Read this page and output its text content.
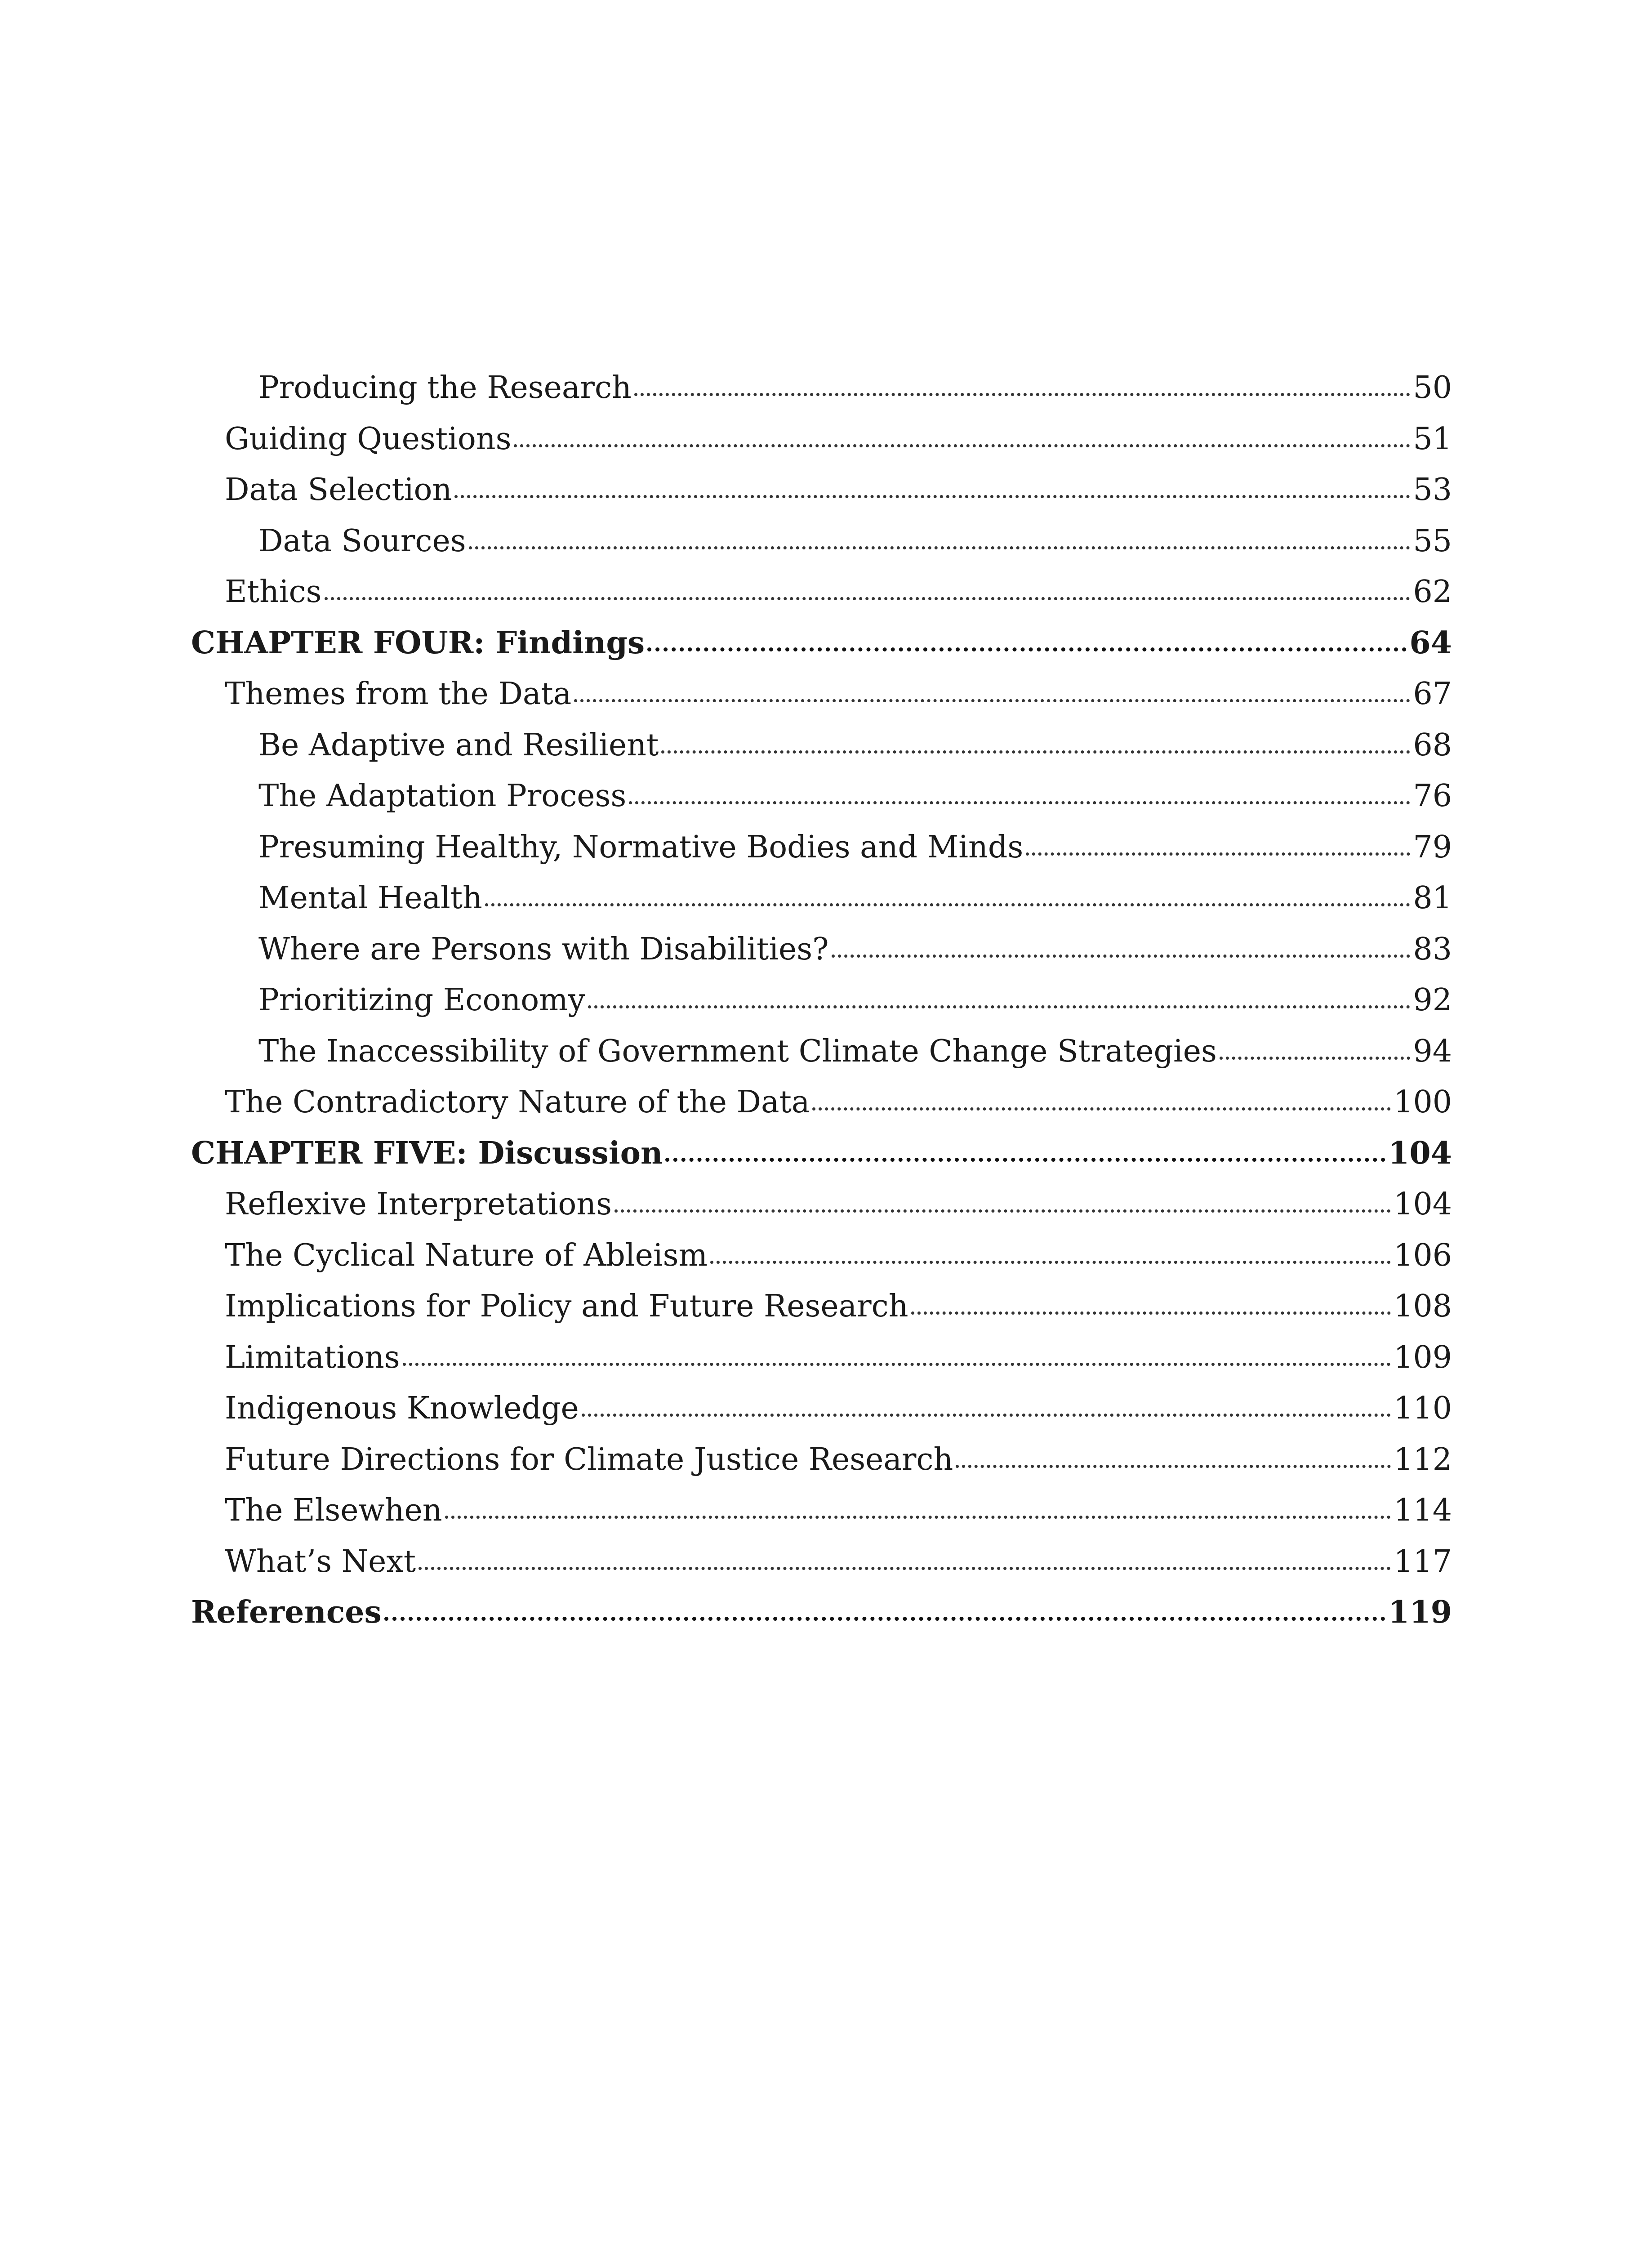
Producing the Research	50
Guiding Questions	51
Data Selection	53
Data Sources	55
Ethics	62
CHAPTER FOUR: Findings	64
Themes from the Data	67
Be Adaptive and Resilient	68
The Adaptation Process	76
Presuming Healthy, Normative Bodies and Minds	79
Mental Health	81
Where are Persons with Disabilities?	83
Prioritizing Economy	92
The Inaccessibility of Government Climate Change Strategies	94
The Contradictory Nature of the Data	100
CHAPTER FIVE: Discussion	104
Reflexive Interpretations	104
The Cyclical Nature of Ableism	106
Implications for Policy and Future Research	108
Limitations	109
Indigenous Knowledge	110
Future Directions for Climate Justice Research	112
The Elsewhen	114
What’s Next	117
References	119
